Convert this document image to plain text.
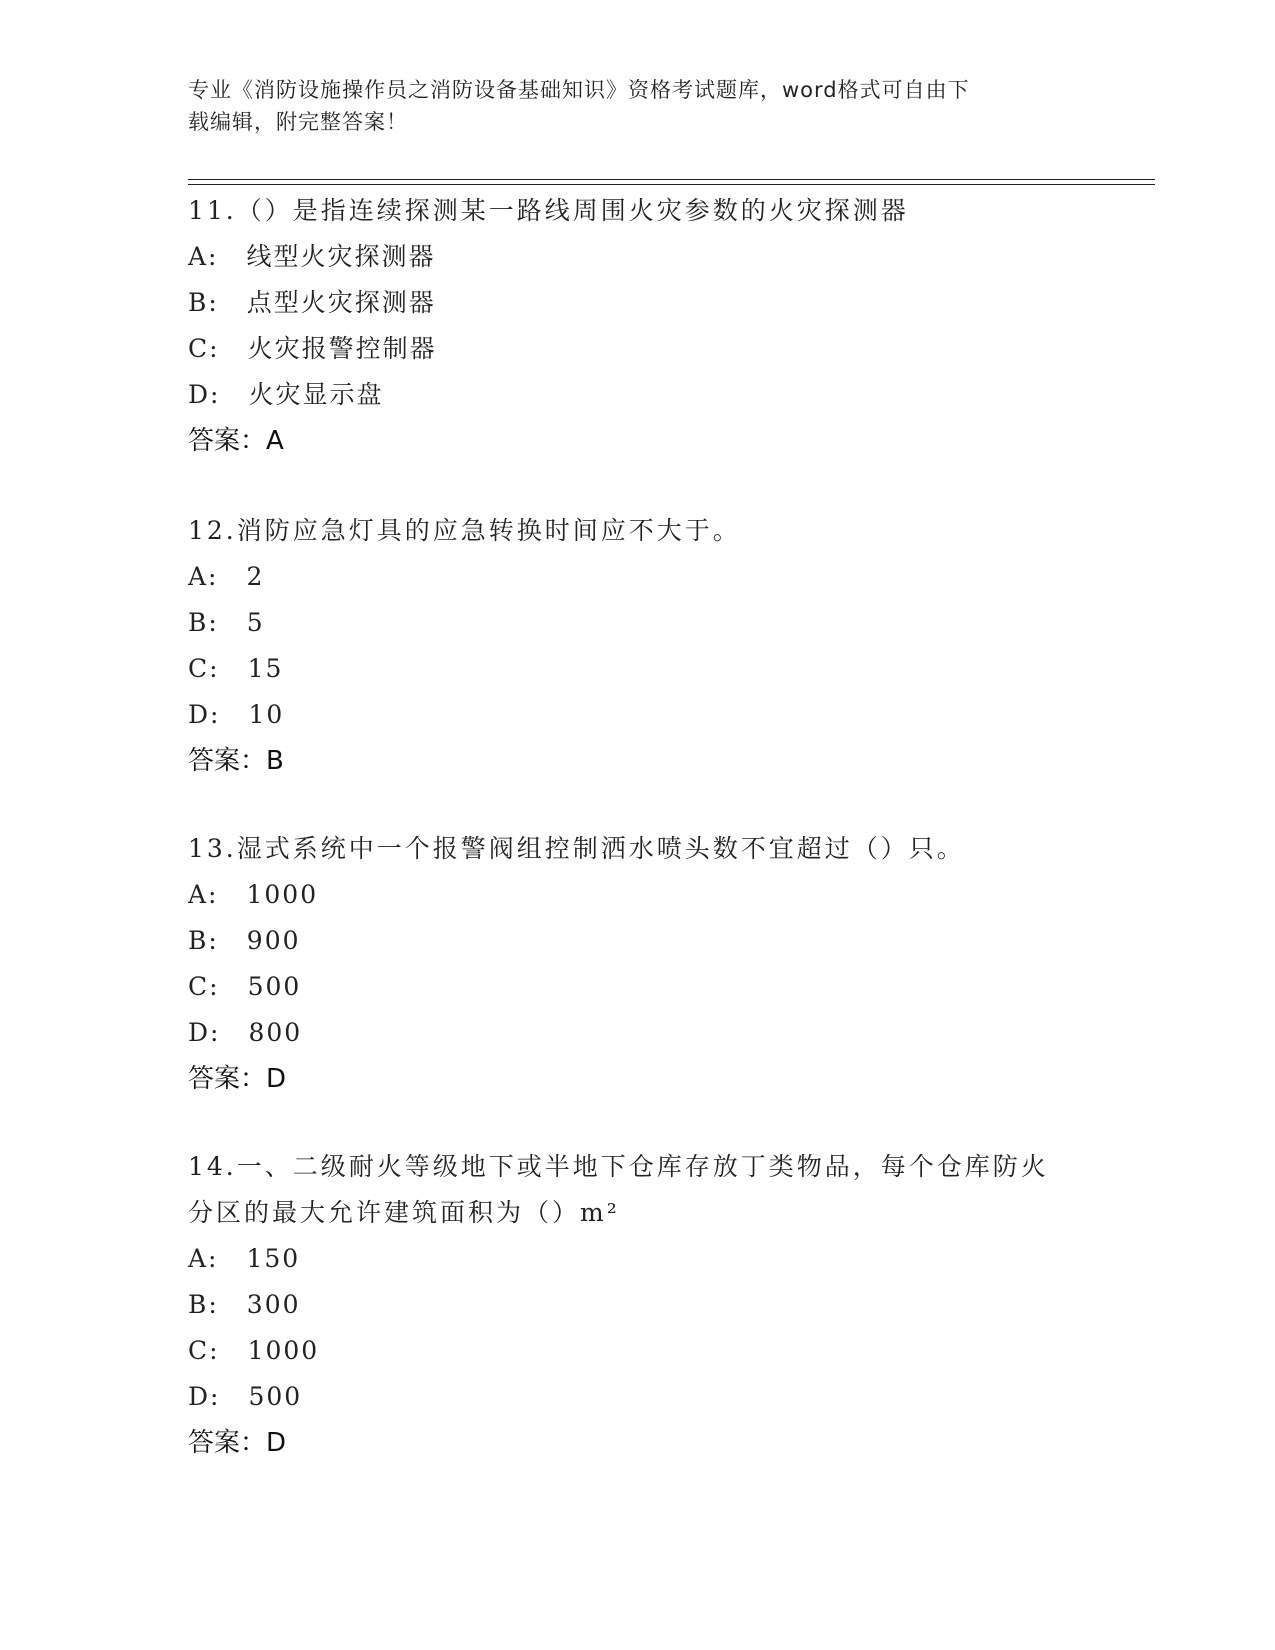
专业《消防设施操作员之消防设备基础知识》资格考试题库，word格式可自由下
载编辑，附完整答案！
11.（）是指连续探测某一路线周围火灾参数的火灾探测器
A: 线型火灾探测器
B: 点型火灾探测器
C: 火灾报警控制器
D: 火灾显示盘
答案：A
12.消防应急灯具的应急转换时间应不大于。
A: 2
B: 5
C: 15
D: 10
答案：B
13.湿式系统中一个报警阀组控制洒水喷头数不宜超过（）只。
A: 1000
B: 900
C: 500
D: 800
答案：D
14.一、二级耐火等级地下或半地下仓库存放丁类物品，每个仓库防火
分区的最大允许建筑面积为（）m²
A: 150
B: 300
C: 1000
D: 500
答案：D
